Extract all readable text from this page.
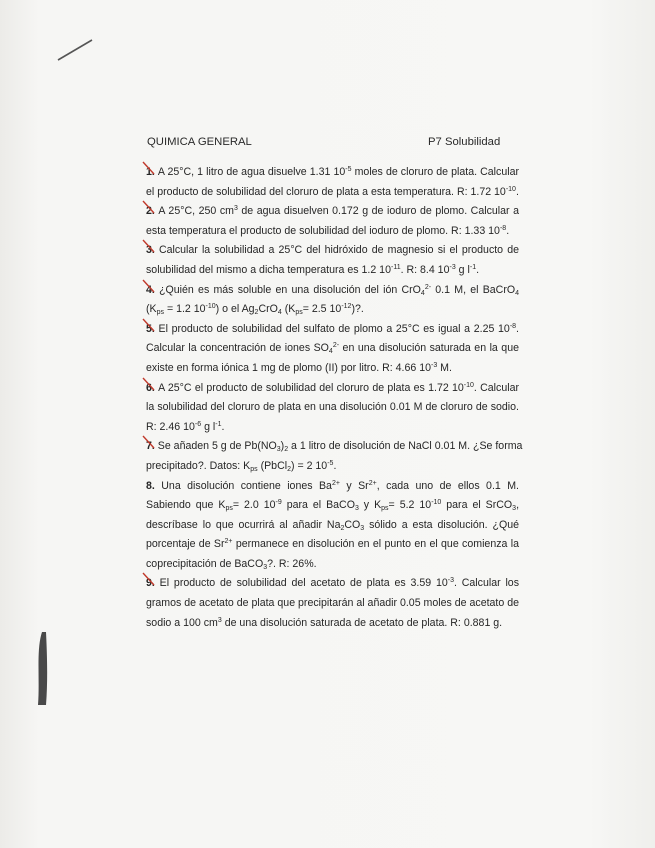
QUIMICA GENERAL	P7 Solubilidad
1.
A 25°C, 1 litro de agua disuelve 1.31 $10^{-5}$ moles de cloruro de plata. Calcular
el producto de solubilidad del cloruro de plata a esta temperatura. R: 1.72 $10^{-10}$.
2.
A 25°C, 250 $cm^3$ de agua disuelven 0.172 g de ioduro de plomo. Calcular a
esta temperatura el producto de solubilidad del ioduro de plomo. R: 1.33 $10^{-8}$.
3.
Calcular la solubilidad a 25°C del hidróxido de magnesio si el producto de
solubilidad del mismo a dicha temperatura es 1.2 $10^{-11}$. R: 8.4 $10^{-3}$ g $l^{-1}$.
4.
¿Quién es más soluble en una disolución del ión CrO$_4^{2-}$ 0.1 M, el BaCrO$_4$
($K_{ps} = 1.2$ $10^{-10}$) o el $Ag_2CrO_4$ ($K_{ps}= 2.5$ $10^{-12}$)?.
5.
El producto de solubilidad del sulfato de plomo a 25°C es igual a 2.25 $10^{-8}$.
Calcular la concentración de iones $SO_4^{2-}$ en una disolución saturada en la que
existe en forma iónica 1 mg de plomo (II) por litro. R: 4.66 $10^{-3}$ M.
6.
A 25°C el producto de solubilidad del cloruro de plata es 1.72 $10^{-10}$. Calcular
la solubilidad del cloruro de plata en una disolución 0.01 M de cloruro de sodio.
R: 2.46 $10^{-6}$ g $l^{-1}$.
7.
Se añaden 5 g de $Pb(NO_3)_2$ a 1 litro de disolución de NaCl 0.01 M. ¿Se forma
precipitado?. Datos: $K_{ps}$ (PbCl$_2$) = 2 $10^{-5}$.
8. Una disolución contiene iones $Ba^{2+}$ y $Sr^{2+}$, cada uno de ellos 0.1 M.
Sabiendo que $K_{ps}= 2.0$ $10^{-9}$ para el BaCO$_3$ y $K_{ps}= 5.2$ $10^{-10}$ para el SrCO$_3$,
descríbase lo que ocurrirá al añadir $Na_2CO_3$ sólido a esta disolución. ¿Qué
porcentaje de $Sr^{2+}$ permanece en disolución en el punto en el que comienza la
coprecipitación de BaCO$_3$?. R: 26%.
9.
El producto de solubilidad del acetato de plata es 3.59 $10^{-3}$. Calcular los
gramos de acetato de plata que precipitarán al añadir 0.05 moles de acetato de
sodio a 100 $cm^3$ de una disolución saturada de acetato de plata. R: 0.881 g.
